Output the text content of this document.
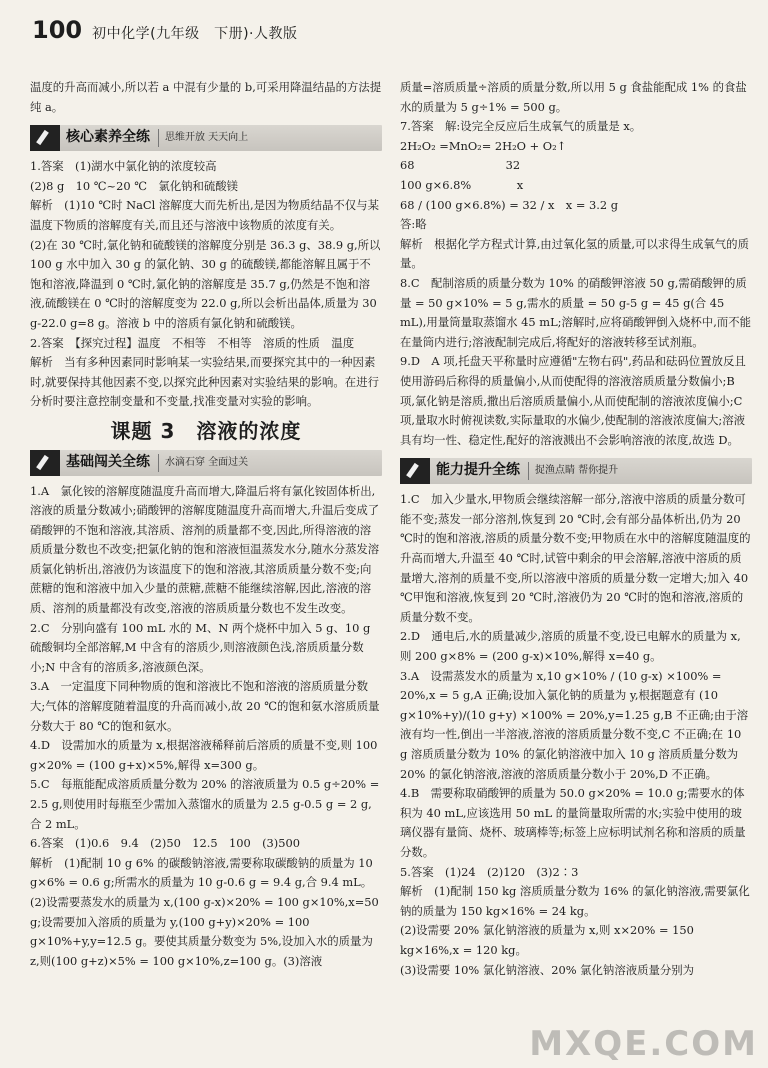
100 初中化学(九年级　下册)·人教版

温度的升高而减小,所以若 a 中混有少量的 b,可采用降温结晶的方法提纯 a。

核心素养全练	思维开放 天天向上

1.答案　(1)湖水中氯化钠的浓度较高
(2)8 g　10 ℃~20 ℃　氯化钠和硫酸镁

解析　(1)10 ℃时 NaCl 溶解度大而先析出,是因为物质结晶不仅与某温度下物质的溶解度有关,而且还与溶液中该物质的浓度有关。

(2)在 30 ℃时,氯化钠和硫酸镁的溶解度分别是 36.3 g、38.9 g,所以 100 g 水中加入 30 g 的氯化钠、30 g 的硫酸镁,都能溶解且属于不饱和溶液,降温到 0 ℃时,氯化钠的溶解度是 35.7 g,仍然是不饱和溶液,硫酸镁在 0 ℃时的溶解度变为 22.0 g,所以会析出晶体,质量为 30 g-22.0 g=8 g。溶液 b 中的溶质有氯化钠和硫酸镁。

2.答案　【探究过程】温度　不相等　不相等　溶质的性质　温度

解析　当有多种因素同时影响某一实验结果,而要探究其中的一种因素时,就要保持其他因素不变,以探究此种因素对实验结果的影响。在进行分析时要注意控制变量和不变量,找准变量对实验的影响。

课题 3　溶液的浓度
基础闯关全练	水滴石穿 全面过关

1.A　氯化铵的溶解度随温度升高而增大,降温后将有氯化铵固体析出,溶液的质量分数减小;硝酸钾的溶解度随温度升高而增大,升温后变成了硝酸钾的不饱和溶液,其溶质、溶剂的质量都不变,因此,所得溶液的溶质质量分数也不改变;把氯化钠的饱和溶液恒温蒸发水分,随水分蒸发溶质氯化钠析出,溶液仍为该温度下的饱和溶液,其溶质质量分数不变;向蔗糖的饱和溶液中加入少量的蔗糖,蔗糖不能继续溶解,因此,溶液的溶质、溶剂的质量都没有改变,溶液的溶质质量分数也不发生改变。

2.C　分别向盛有 100 mL 水的 M、N 两个烧杯中加入 5 g、10 g 硫酸铜均全部溶解,M 中含有的溶质少,则溶液颜色浅,溶质质量分数小;N 中含有的溶质多,溶液颜色深。

3.A　一定温度下同种物质的饱和溶液比不饱和溶液的溶质质量分数大;气体的溶解度随着温度的升高而减小,故 20 ℃的饱和氨水溶质质量分数大于 80 ℃的饱和氨水。

4.D　设需加水的质量为 x,根据溶液稀释前后溶质的质量不变,则 100 g×20% = (100 g+x)×5%,解得 x=300 g。

5.C　每瓶能配成溶质质量分数为 20% 的溶液质量为 0.5 g÷20% = 2.5 g,则使用时每瓶至少需加入蒸馏水的质量为 2.5 g-0.5 g = 2 g,合 2 mL。

6.答案　(1)0.6　9.4　(2)50　12.5　100　(3)500

解析　(1)配制 10 g 6% 的碳酸钠溶液,需要称取碳酸钠的质量为 10 g×6% = 0.6 g;所需水的质量为 10 g-0.6 g = 9.4 g,合 9.4 mL。(2)设需要蒸发水的质量为 x,(100 g-x)×20% = 100 g×10%,x=50 g;设需要加入溶质的质量为 y,(100 g+y)×20% = 100 g×10%+y,y=12.5 g。要使其质量分数变为 5%,设加入水的质量为 z,则(100 g+z)×5% = 100 g×10%,z=100 g。(3)溶液

质量=溶质质量÷溶质的质量分数,所以用 5 g 食盐能配成 1% 的食盐水的质量为 5 g÷1% = 500 g。

7.答案　解:设完全反应后生成氧气的质量是 x。

2H₂O₂ =MnO₂= 2H₂O + O₂↑
68　　　　　　　　32
100 g×6.8%　　　　x
68 / (100 g×6.8%) = 32 / x　x = 3.2 g
答:略

解析　根据化学方程式计算,由过氧化氢的质量,可以求得生成氧气的质量。

8.C　配制溶质的质量分数为 10% 的硝酸钾溶液 50 g,需硝酸钾的质量 = 50 g×10% = 5 g,需水的质量 = 50 g-5 g = 45 g(合 45 mL),用量筒量取蒸馏水 45 mL;溶解时,应将硝酸钾倒入烧杯中,而不能在量筒内进行;溶液配制完成后,将配好的溶液转移至试剂瓶。

9.D　A 项,托盘天平称量时应遵循"左物右码",药品和砝码位置放反且使用游码后称得的质量偏小,从而使配得的溶液溶质质量分数偏小;B 项,氯化钠是溶质,撒出后溶质质量偏小,从而使配制的溶液浓度偏小;C 项,量取水时俯视读数,实际量取的水偏少,使配制的溶液浓度偏大;溶液具有均一性、稳定性,配好的溶液溅出不会影响溶液的浓度,故选 D。

能力提升全练	捉渔点睛 帮你提升

1.C　加入少量水,甲物质会继续溶解一部分,溶液中溶质的质量分数可能不变;蒸发一部分溶剂,恢复到 20 ℃时,会有部分晶体析出,仍为 20 ℃时的饱和溶液,溶质的质量分数不变;甲物质在水中的溶解度随温度的升高而增大,升温至 40 ℃时,试管中剩余的甲会溶解,溶液中溶质的质量增大,溶剂的质量不变,所以溶液中溶质的质量分数一定增大;加入 40 ℃甲饱和溶液,恢复到 20 ℃时,溶液仍为 20 ℃时的饱和溶液,溶质的质量分数不变。

2.D　通电后,水的质量减少,溶质的质量不变,设已电解水的质量为 x,则 200 g×8% = (200 g-x)×10%,解得 x=40 g。

3.A　设需蒸发水的质量为 x,10 g×10% / (10 g-x) ×100% = 20%,x = 5 g,A 正确;设加入氯化钠的质量为 y,根据题意有 (10 g×10%+y)/(10 g+y) ×100% = 20%,y=1.25 g,B 不正确;由于溶液有均一性,倒出一半溶液,溶液的溶质质量分数不变,C 不正确;在 10 g 溶质质量分数为 10% 的氯化钠溶液中加入 10 g 溶质质量分数为 20% 的氯化钠溶液,溶液的溶质质量分数小于 20%,D 不正确。

4.B　需要称取硝酸钾的质量为 50.0 g×20% = 10.0 g;需要水的体积为 40 mL,应该选用 50 mL 的量筒量取所需的水;实验中使用的玻璃仪器有量筒、烧杯、玻璃棒等;标签上应标明试剂名称和溶质的质量分数。

5.答案　(1)24　(2)120　(3)2∶3

解析　(1)配制 150 kg 溶质质量分数为 16% 的氯化钠溶液,需要氯化钠的质量为 150 kg×16% = 24 kg。

(2)设需要 20% 氯化钠溶液的质量为 x,则 x×20% = 150 kg×16%,x = 120 kg。

(3)设需要 10% 氯化钠溶液、20% 氯化钠溶液质量分别为

MXQE.COM
